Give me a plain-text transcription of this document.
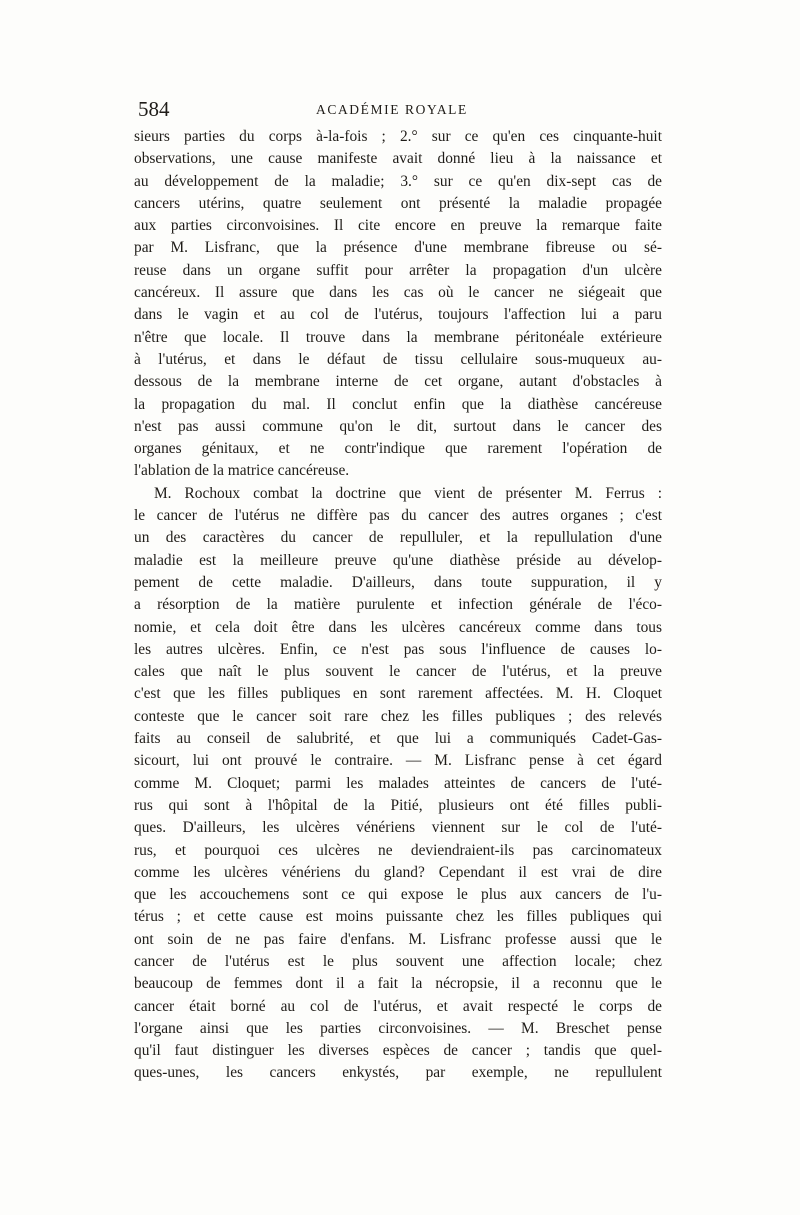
584	ACADÉMIE ROYALE
sieurs parties du corps à-la-fois ; 2.° sur ce qu'en ces cinquante-huit
observations, une cause manifeste avait donné lieu à la naissance et
au développement de la maladie; 3.° sur ce qu'en dix-sept cas de
cancers utérins, quatre seulement ont présenté la maladie propagée
aux parties circonvoisines. Il cite encore en preuve la remarque faite
par M. Lisfranc, que la présence d'une membrane fibreuse ou sé-
reuse dans un organe suffit pour arrêter la propagation d'un ulcère
cancéreux. Il assure que dans les cas où le cancer ne siégeait que
dans le vagin et au col de l'utérus, toujours l'affection lui a paru
n'être que locale. Il trouve dans la membrane péritonéale extérieure
à l'utérus, et dans le défaut de tissu cellulaire sous-muqueux au-
dessous de la membrane interne de cet organe, autant d'obstacles à
la propagation du mal. Il conclut enfin que la diathèse cancéreuse
n'est pas aussi commune qu'on le dit, surtout dans le cancer des
organes génitaux, et ne contr'indique que rarement l'opération de
l'ablation de la matrice cancéreuse.
M. Rochoux combat la doctrine que vient de présenter M. Ferrus :
le cancer de l'utérus ne diffère pas du cancer des autres organes ; c'est
un des caractères du cancer de repulluler, et la repullulation d'une
maladie est la meilleure preuve qu'une diathèse préside au dévelop-
pement de cette maladie. D'ailleurs, dans toute suppuration, il y
a résorption de la matière purulente et infection générale de l'éco-
nomie, et cela doit être dans les ulcères cancéreux comme dans tous
les autres ulcères. Enfin, ce n'est pas sous l'influence de causes lo-
cales que naît le plus souvent le cancer de l'utérus, et la preuve
c'est que les filles publiques en sont rarement affectées. M. H. Cloquet
conteste que le cancer soit rare chez les filles publiques ; des relevés
faits au conseil de salubrité, et que lui a communiqués Cadet-Gas-
sicourt, lui ont prouvé le contraire. — M. Lisfranc pense à cet égard
comme M. Cloquet; parmi les malades atteintes de cancers de l'uté-
rus qui sont à l'hôpital de la Pitié, plusieurs ont été filles publi-
ques. D'ailleurs, les ulcères vénériens viennent sur le col de l'uté-
rus, et pourquoi ces ulcères ne deviendraient-ils pas carcinomateux
comme les ulcères vénériens du gland? Cependant il est vrai de dire
que les accouchemens sont ce qui expose le plus aux cancers de l'u-
térus ; et cette cause est moins puissante chez les filles publiques qui
ont soin de ne pas faire d'enfans. M. Lisfranc professe aussi que le
cancer de l'utérus est le plus souvent une affection locale; chez
beaucoup de femmes dont il a fait la nécropsie, il a reconnu que le
cancer était borné au col de l'utérus, et avait respecté le corps de
l'organe ainsi que les parties circonvoisines. — M. Breschet pense
qu'il faut distinguer les diverses espèces de cancer ; tandis que quel-
ques-unes, les cancers enkystés, par exemple, ne repullulent
